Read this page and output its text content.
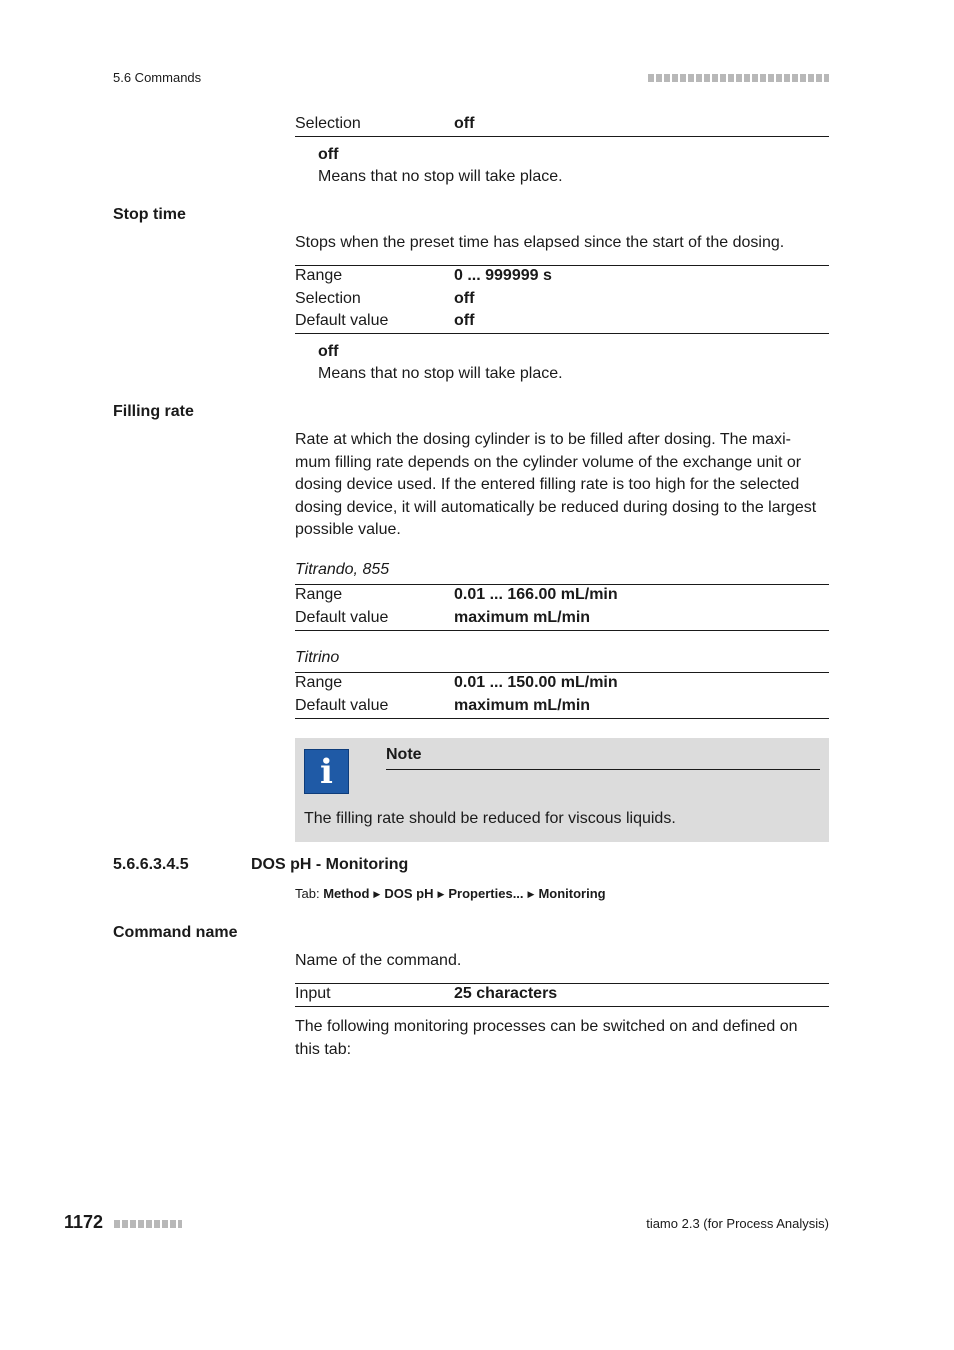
5.6 Commands
Selection	off
off
Means that no stop will take place.
Stop time
Stops when the preset time has elapsed since the start of the dosing.
Range	0 ... 999999 s
Selection	off
Default value	off
off
Means that no stop will take place.
Filling rate
Rate at which the dosing cylinder is to be filled after dosing. The maxi-
mum filling rate depends on the cylinder volume of the exchange unit or
dosing device used. If the entered filling rate is too high for the selected
dosing device, it will automatically be reduced during dosing to the largest
possible value.
Titrando, 855
Range	0.01 ... 166.00 mL/min
Default value	maximum mL/min
Titrino
Range	0.01 ... 150.00 mL/min
Default value	maximum mL/min
i	Note
The filling rate should be reduced for viscous liquids.
5.6.6.3.4.5	DOS pH - Monitoring
Tab: Method ▶ DOS pH ▶ Properties... ▶ Monitoring
Command name
Name of the command.
Input	25 characters
The following monitoring processes can be switched on and defined on
this tab:
1172	tiamo 2.3 (for Process Analysis)
